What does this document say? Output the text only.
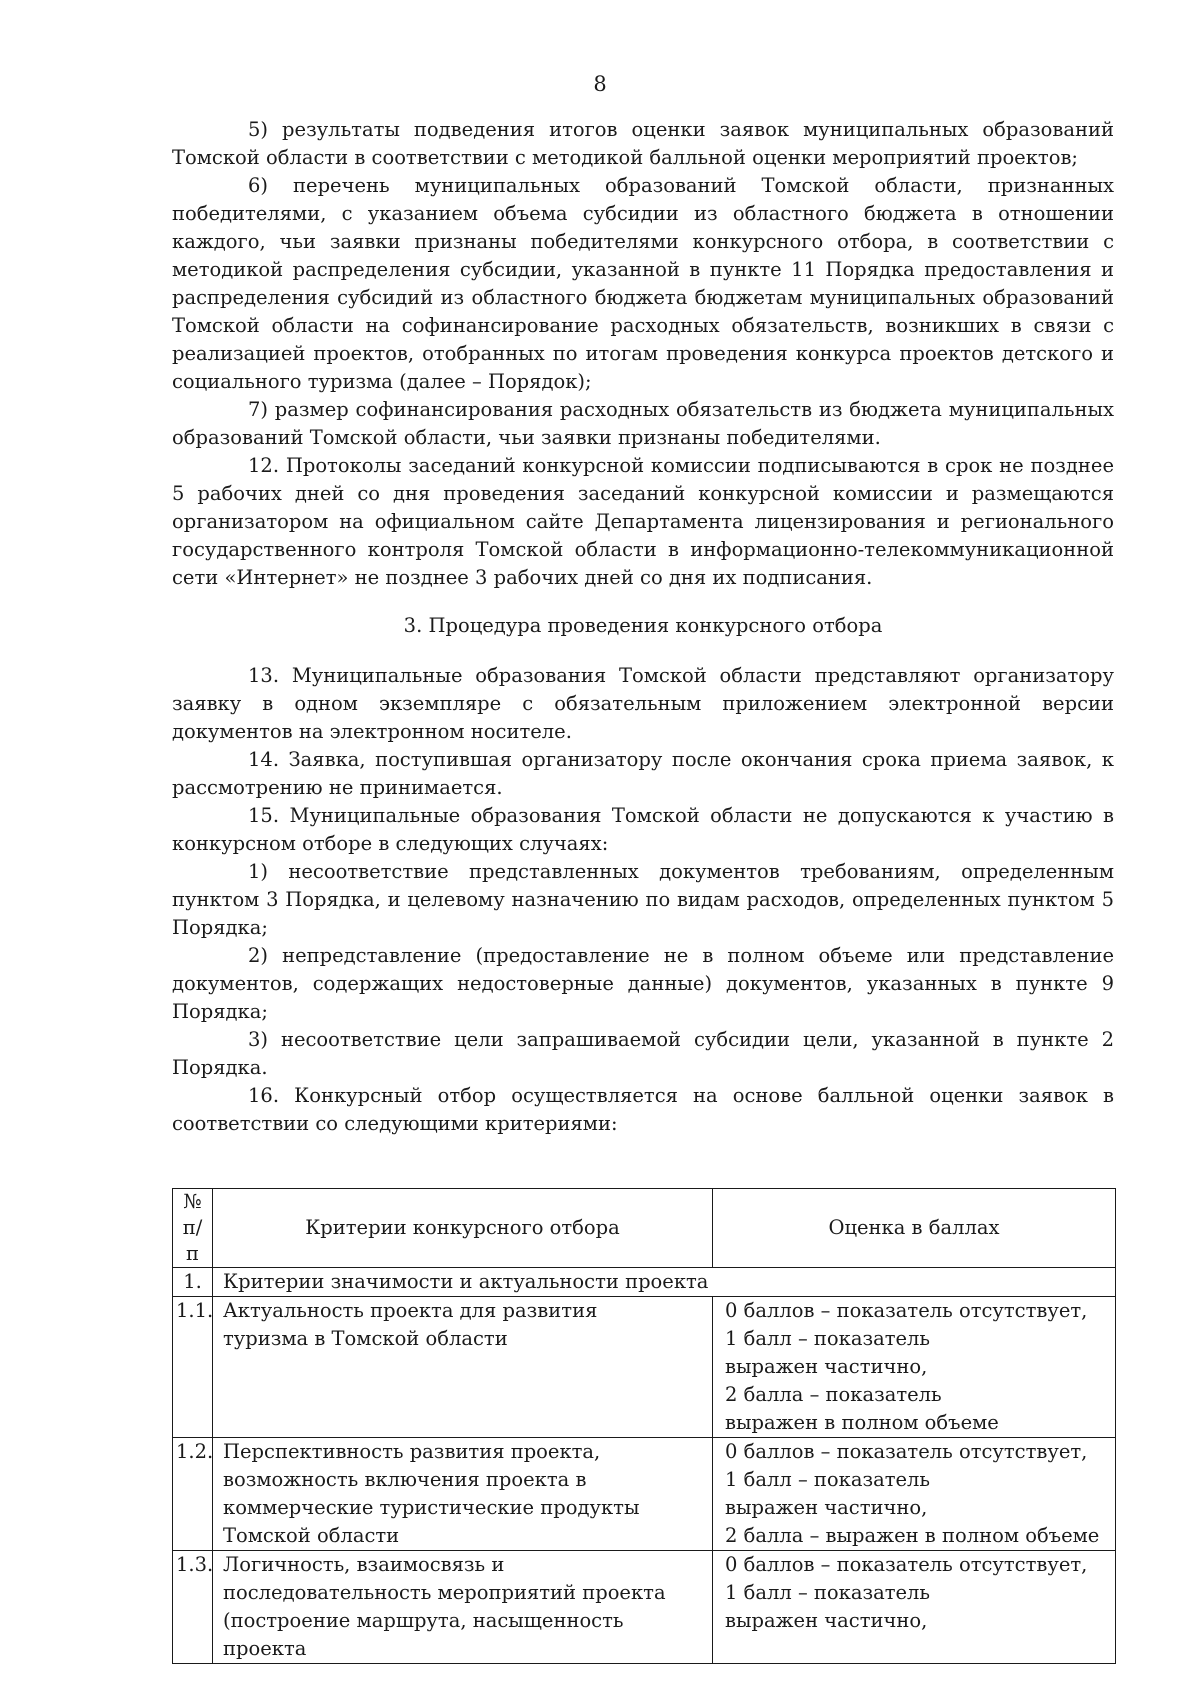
8

5) результаты подведения итогов оценки заявок муниципальных образований Томской области в соответствии с методикой балльной оценки мероприятий проектов;

6) перечень муниципальных образований Томской области, признанных победителями, с указанием объема субсидии из областного бюджета в отношении каждого, чьи заявки признаны победителями конкурсного отбора, в соответствии с методикой распределения субсидии, указанной в пункте 11 Порядка предоставления и распределения субсидий из областного бюджета бюджетам муниципальных образований Томской области на софинансирование расходных обязательств, возникших в связи с реализацией проектов, отобранных по итогам проведения конкурса проектов детского и социального туризма (далее – Порядок);

7) размер софинансирования расходных обязательств из бюджета муниципальных образований Томской области, чьи заявки признаны победителями.

12. Протоколы заседаний конкурсной комиссии подписываются в срок не позднее 5 рабочих дней со дня проведения заседаний конкурсной комиссии и размещаются организатором на официальном сайте Департамента лицензирования и регионального государственного контроля Томской области в информационно-телекоммуникационной сети «Интернет» не позднее 3 рабочих дней со дня их подписания.

3. Процедура проведения конкурсного отбора

13. Муниципальные образования Томской области представляют организатору заявку в одном экземпляре с обязательным приложением электронной версии документов на электронном носителе.

14. Заявка, поступившая организатору после окончания срока приема заявок, к рассмотрению не принимается.

15. Муниципальные образования Томской области не допускаются к участию в конкурсном отборе в следующих случаях:

1) несоответствие представленных документов требованиям, определенным пунктом 3 Порядка, и целевому назначению по видам расходов, определенных пунктом 5 Порядка;

2) непредставление (предоставление не в полном объеме или представление документов, содержащих недостоверные данные) документов, указанных в пункте 9 Порядка;

3) несоответствие цели запрашиваемой субсидии цели, указанной в пункте 2 Порядка.

16. Конкурсный отбор осуществляется на основе балльной оценки заявок в соответствии со следующими критериями:

№ п/п	Критерии конкурсного отбора	Оценка в баллах
1.	Критерии значимости и актуальности проекта	
1.1.	Актуальность проекта для развития туризма в Томской области	0 баллов – показатель отсутствует,
1 балл – показатель выражен частично,
2 балла – показатель выражен в полном объеме

1.2.	Перспективность развития проекта, возможность включения проекта в коммерческие туристические продукты Томской области	0 баллов – показатель отсутствует,
1 балл – показатель выражен частично,
2 балла – выражен в полном объеме

1.3.	Логичность, взаимосвязь и последовательность мероприятий проекта (построение маршрута, насыщенность проекта	0 баллов – показатель отсутствует,
1 балл – показатель выражен частично,
